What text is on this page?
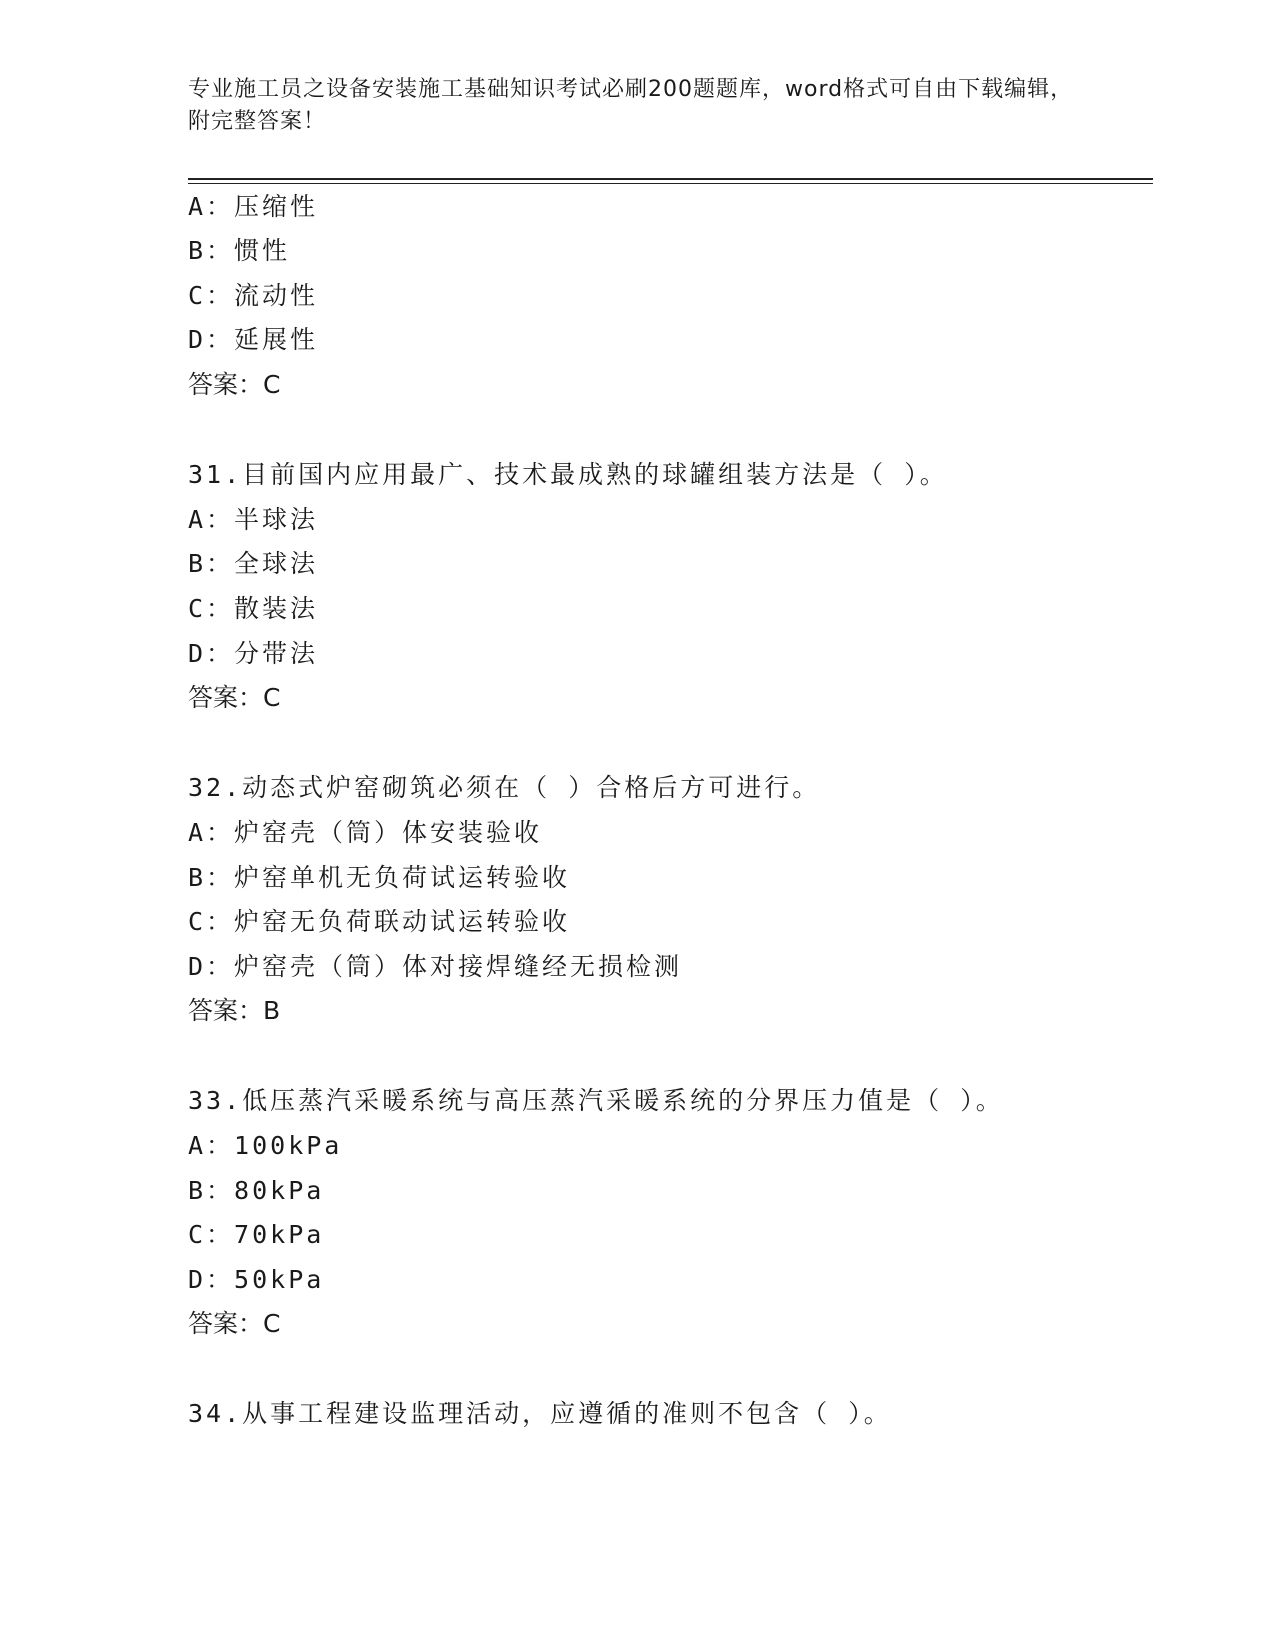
专业施工员之设备安装施工基础知识考试必刷200题题库，word格式可自由下载编辑，附完整答案！
A：压缩性
B：惯性
C：流动性
D：延展性
答案：C
31.目前国内应用最广、技术最成熟的球罐组装方法是（ ）。
A：半球法
B：全球法
C：散装法
D：分带法
答案：C
32.动态式炉窑砌筑必须在（ ）合格后方可进行。
A：炉窑壳（筒）体安装验收
B：炉窑单机无负荷试运转验收
C：炉窑无负荷联动试运转验收
D：炉窑壳（筒）体对接焊缝经无损检测
答案：B
33.低压蒸汽采暖系统与高压蒸汽采暖系统的分界压力值是（ ）。
A：100kPa
B：80kPa
C：70kPa
D：50kPa
答案：C
34.从事工程建设监理活动，应遵循的准则不包含（ ）。
